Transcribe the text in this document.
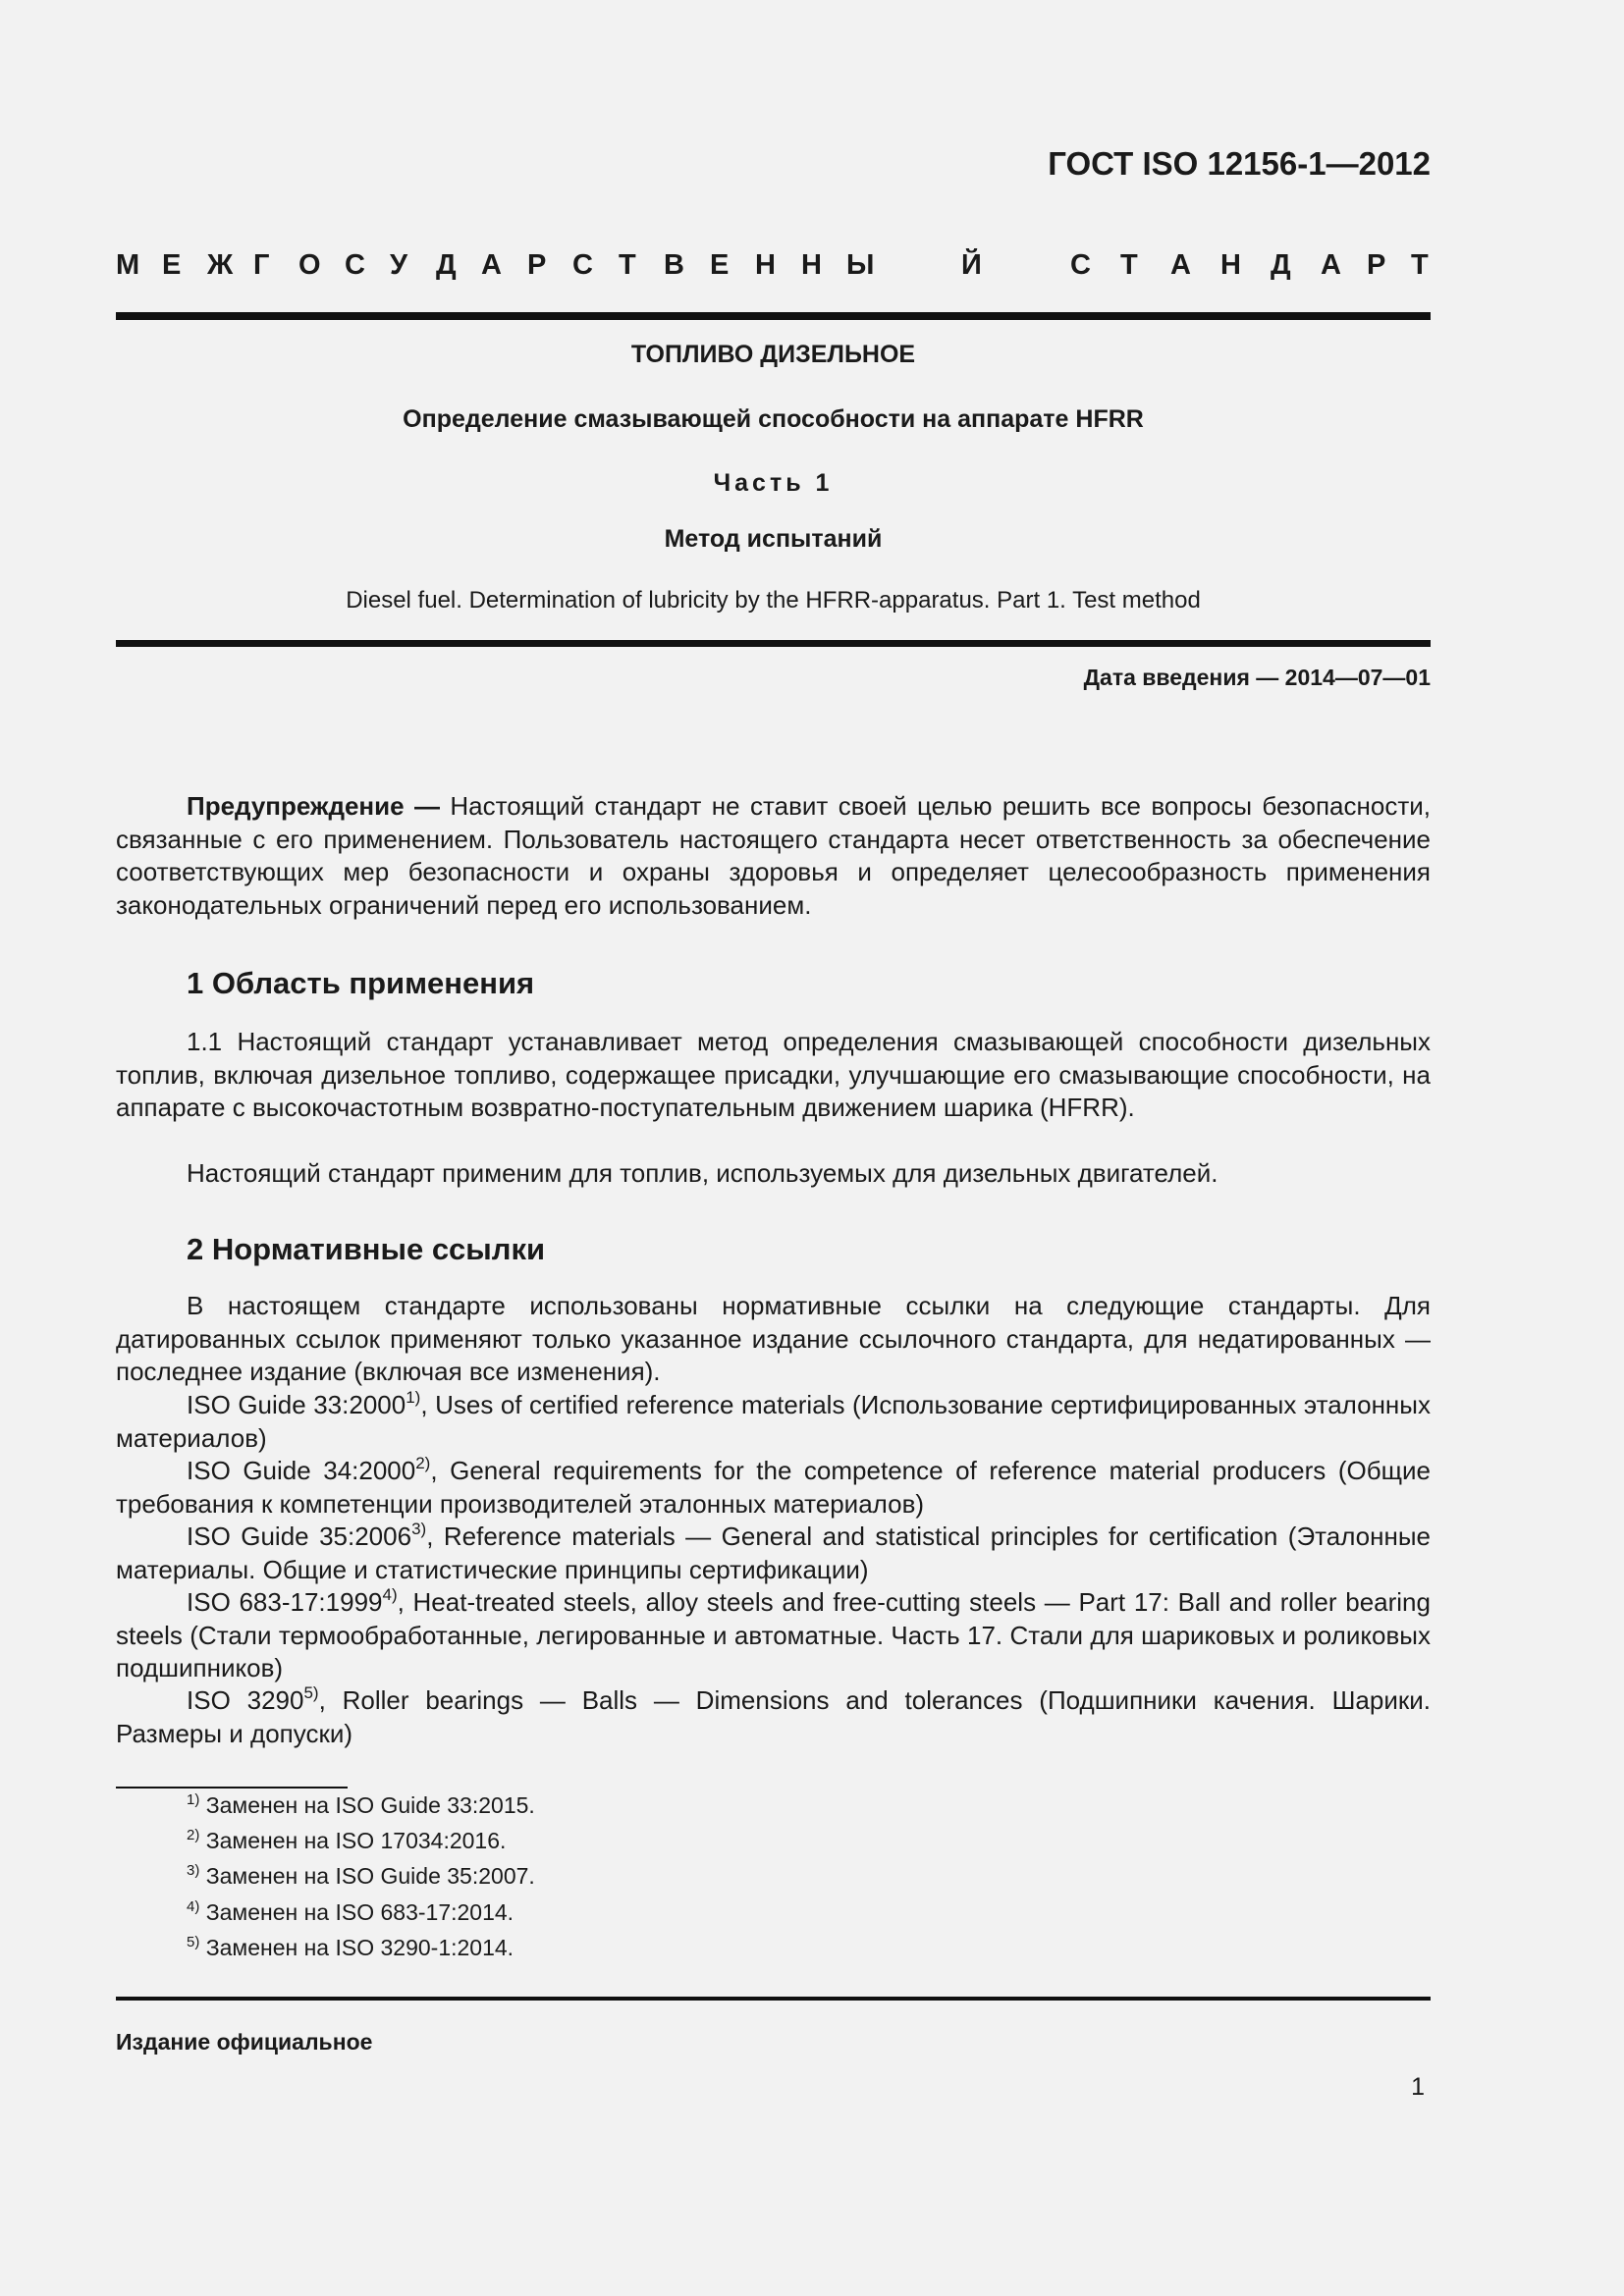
ГОСТ ISO 12156-1—2012
М Е Ж Г О С У Д А Р С Т В Е Н Н Ы	Й	С Т А Н Д А Р Т
ТОПЛИВО ДИЗЕЛЬНОЕ
Определение смазывающей способности на аппарате HFRR
Часть 1
Метод испытаний
Diesel fuel. Determination of lubricity by the HFRR-apparatus. Part 1. Test method
Дата введения — 2014—07—01

Предупреждение — Настоящий стандарт не ставит своей целью решить все вопросы безопасности, связанные с его применением. Пользователь настоящего стандарта несет ответственность за обеспечение соответствующих мер безопасности и охраны здоровья и определяет целесообразность применения законодательных ограничений перед его использованием.

1 Область применения

1.1 Настоящий стандарт устанавливает метод определения смазывающей способности дизельных топлив, включая дизельное топливо, содержащее присадки, улучшающие его смазывающие способности, на аппарате с высокочастотным возвратно-поступательным движением шарика (HFRR).

Настоящий стандарт применим для топлив, используемых для дизельных двигателей.

2 Нормативные ссылки

В настоящем стандарте использованы нормативные ссылки на следующие стандарты. Для датированных ссылок применяют только указанное издание ссылочного стандарта, для недатированных — последнее издание (включая все изменения).

ISO Guide 33:2000$^{1)}$, Uses of certified reference materials (Использование сертифицированных эталонных материалов)

ISO Guide 34:2000$^{2)}$, General requirements for the competence of reference material producers (Общие требования к компетенции производителей эталонных материалов)

ISO Guide 35:2006$^{3)}$, Reference materials — General and statistical principles for certification (Эталонные материалы. Общие и статистические принципы сертификации)

ISO 683-17:1999$^{4)}$, Heat-treated steels, alloy steels and free-cutting steels — Part 17: Ball and roller bearing steels (Стали термообработанные, легированные и автоматные. Часть 17. Стали для шариковых и роликовых подшипников)

ISO 3290$^{5)}$, Roller bearings — Balls — Dimensions and tolerances (Подшипники качения. Шарики. Размеры и допуски)

$^{1)}$ Заменен на ISO Guide 33:2015.
$^{2)}$ Заменен на ISO 17034:2016.
$^{3)}$ Заменен на ISO Guide 35:2007.
$^{4)}$ Заменен на ISO 683-17:2014.
$^{5)}$ Заменен на ISO 3290-1:2014.
Издание официальное
1
